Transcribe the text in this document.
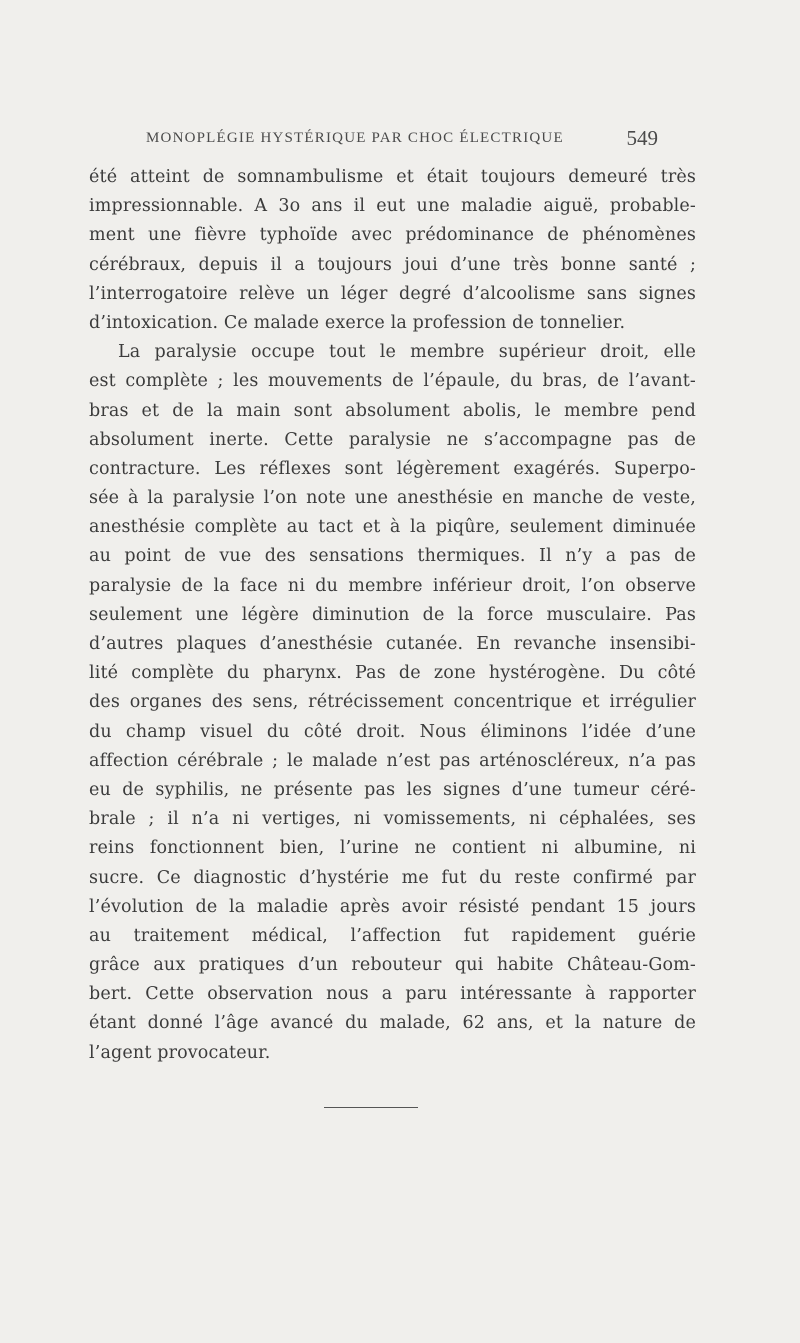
MONOPLÉGIE HYSTÉRIQUE PAR CHOC ÉLECTRIQUE	549
été atteint de somnambulisme et était toujours demeuré très
impressionnable. A 3o ans il eut une maladie aiguë, probable-
ment une fièvre typhoïde avec prédominance de phénomènes
cérébraux, depuis il a toujours joui d’une très bonne santé ;
l’interrogatoire relève un léger degré d’alcoolisme sans signes
d’intoxication. Ce malade exerce la profession de tonnelier.
La paralysie occupe tout le membre supérieur droit, elle
est complète ; les mouvements de l’épaule, du bras, de l’avant-
bras et de la main sont absolument abolis, le membre pend
absolument inerte. Cette paralysie ne s’accompagne pas de
contracture. Les réflexes sont légèrement exagérés. Superpo-
sée à la paralysie l’on note une anesthésie en manche de veste,
anesthésie complète au tact et à la piqûre, seulement diminuée
au point de vue des sensations thermiques. Il n’y a pas de
paralysie de la face ni du membre inférieur droit, l’on observe
seulement une légère diminution de la force musculaire. Pas
d’autres plaques d’anesthésie cutanée. En revanche insensibi-
lité complète du pharynx. Pas de zone hystérogène. Du côté
des organes des sens, rétrécissement concentrique et irrégulier
du champ visuel du côté droit. Nous éliminons l’idée d’une
affection cérébrale ; le malade n’est pas arténoscléreux, n’a pas
eu de syphilis, ne présente pas les signes d’une tumeur céré-
brale ; il n’a ni vertiges, ni vomissements, ni céphalées, ses
reins fonctionnent bien, l’urine ne contient ni albumine, ni
sucre. Ce diagnostic d’hystérie me fut du reste confirmé par
l’évolution de la maladie après avoir résisté pendant 15 jours
au traitement médical, l’affection fut rapidement guérie
grâce aux pratiques d’un rebouteur qui habite Château-Gom-
bert. Cette observation nous a paru intéressante à rapporter
étant donné l’âge avancé du malade, 62 ans, et la nature de
l’agent provocateur.
